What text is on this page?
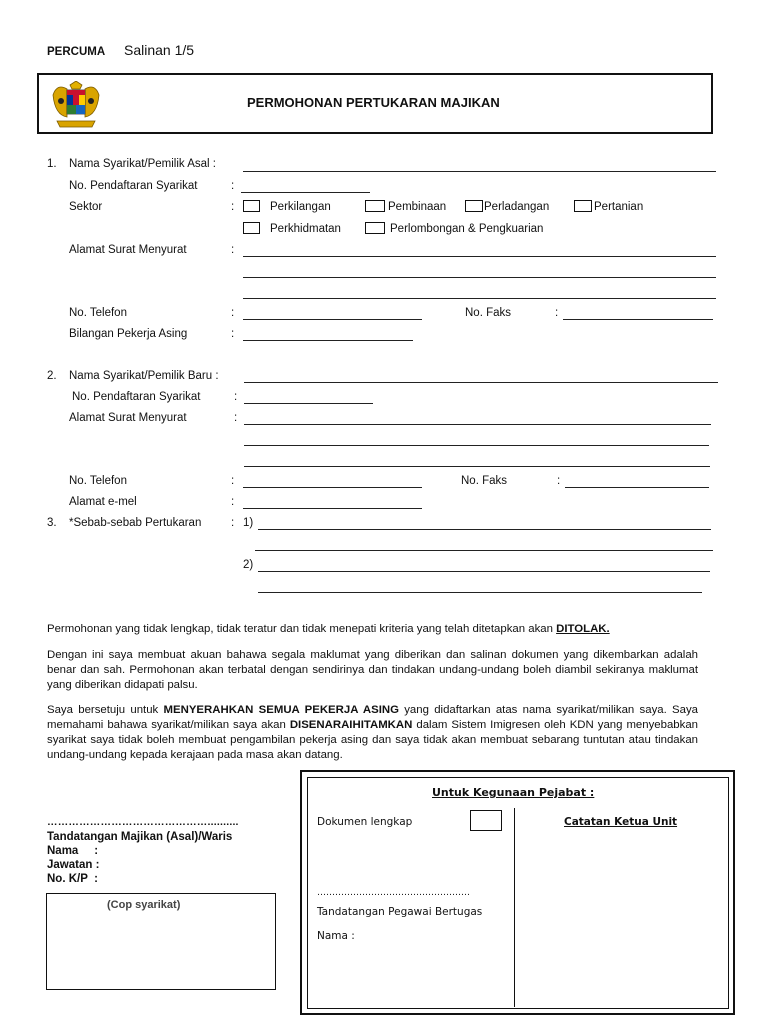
PERCUMA Salinan 1/5
PERMOHONAN PERTUKARAN MAJIKAN
1. Nama Syarikat/Pemilik Asal :
No. Pendaftaran Syarikat	:
Sektor	:	Perkilangan	Pembinaan	Perladangan	Pertanian
Perkhidmatan	Perlombongan & Pengkuarian
Alamat Surat Menyurat	:
No. Telefon	:	No. Faks	:
Bilangan Pekerja Asing	:
2. Nama Syarikat/Pemilik Baru :
No. Pendaftaran Syarikat	:
Alamat Surat Menyurat	:
No. Telefon	:	No. Faks	:
Alamat e-mel	:
3. *Sebab-sebab Pertukaran	: 1)
2)
Permohonan yang tidak lengkap, tidak teratur dan tidak menepati kriteria yang telah ditetapkan akan DITOLAK.
Dengan ini saya membuat akuan bahawa segala maklumat yang diberikan dan salinan dokumen yang dikembarkan adalah benar dan sah. Permohonan akan terbatal dengan sendirinya dan tindakan undang-undang boleh diambil sekiranya maklumat yang diberikan didapati palsu.
Saya bersetuju untuk MENYERAHKAN SEMUA PEKERJA ASING yang didaftarkan atas nama syarikat/milikan saya. Saya memahami bahawa syarikat/milikan saya akan DISENARAIHITAMKAN dalam Sistem Imigresen oleh KDN yang menyebabkan syarikat saya tidak boleh membuat pengambilan pekerja asing dan saya tidak akan membuat sebarang tuntutan atau tindakan undang-undang kepada kerajaan pada masa akan datang.
………………………………………..........
Tandatangan Majikan (Asal)/Waris
Nama     :
Jawatan :
No. K/P  :
(Cop syarikat)
Untuk Kegunaan Pejabat :
Dokumen lengkap	Catatan Ketua Unit
……………………………………………
Tandatangan Pegawai Bertugas
Nama :
